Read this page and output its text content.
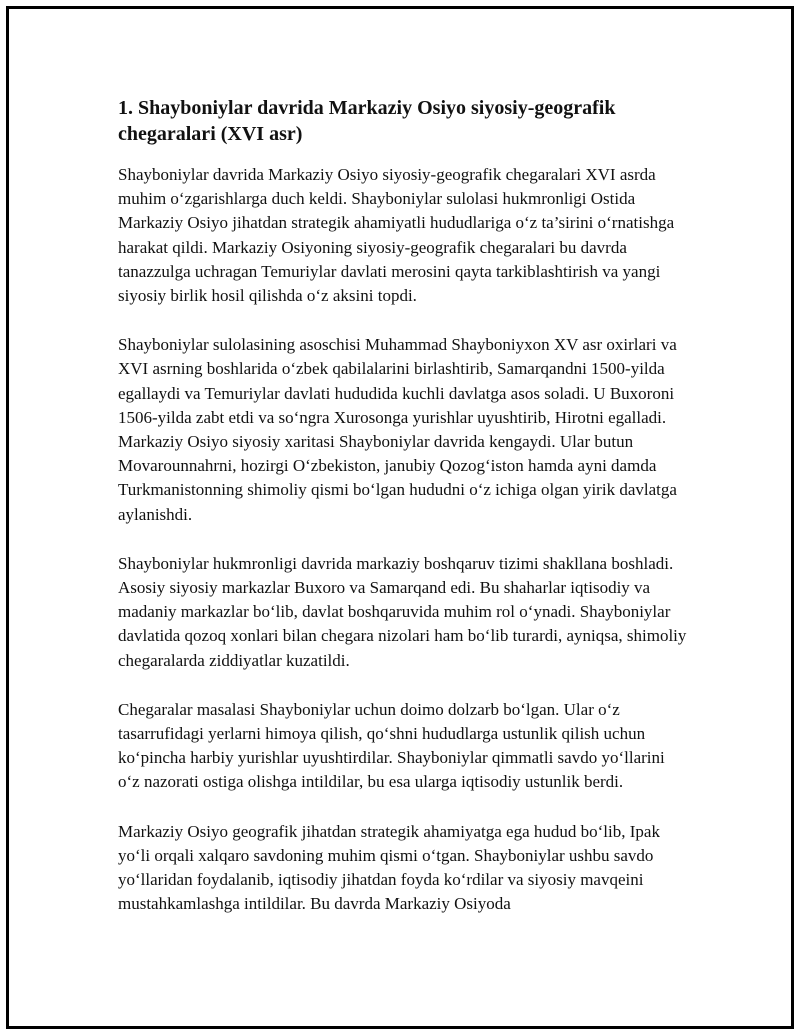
1. Shayboniylar davrida Markaziy Osiyo siyosiy-geografik chegaralari (XVI asr)

Shayboniylar davrida Markaziy Osiyo siyosiy-geografik chegaralari XVI asrda muhim o‘zgarishlarga duch keldi. Shayboniylar sulolasi hukmronligi Ostida Markaziy Osiyo jihatdan strategik ahamiyatli hududlariga o‘z ta’sirini o‘rnatishga harakat qildi. Markaziy Osiyoning siyosiy-geografik chegaralari bu davrda tanazzulga uchragan Temuriylar davlati merosini qayta tarkiblashtirish va yangi siyosiy birlik hosil qilishda o‘z aksini topdi.

Shayboniylar sulolasining asoschisi Muhammad Shayboniyxon XV asr oxirlari va XVI asrning boshlarida o‘zbek qabilalarini birlashtirib, Samarqandni 1500-yilda egallaydi va Temuriylar davlati hududida kuchli davlatga asos soladi. U Buxoroni 1506-yilda zabt etdi va so‘ngra Xurosonga yurishlar uyushtirib, Hirotni egalladi. Markaziy Osiyo siyosiy xaritasi Shayboniylar davrida kengaydi. Ular butun Movarounnahrni, hozirgi O‘zbekiston, janubiy Qozog‘iston hamda ayni damda Turkmanistonning shimoliy qismi bo‘lgan hududni o‘z ichiga olgan yirik davlatga aylanishdi.

Shayboniylar hukmronligi davrida markaziy boshqaruv tizimi shakllana boshladi. Asosiy siyosiy markazlar Buxoro va Samarqand edi. Bu shaharlar iqtisodiy va madaniy markazlar bo‘lib, davlat boshqaruvida muhim rol o‘ynadi. Shayboniylar davlatida qozoq xonlari bilan chegara nizolari ham bo‘lib turardi, ayniqsa, shimoliy chegaralarda ziddiyatlar kuzatildi.

Chegaralar masalasi Shayboniylar uchun doimo dolzarb bo‘lgan. Ular o‘z tasarrufidagi yerlarni himoya qilish, qo‘shni hududlarga ustunlik qilish uchun ko‘pincha harbiy yurishlar uyushtirdilar. Shayboniylar qimmatli savdo yo‘llarini o‘z nazorati ostiga olishga intildilar, bu esa ularga iqtisodiy ustunlik berdi.

Markaziy Osiyo geografik jihatdan strategik ahamiyatga ega hudud bo‘lib, Ipak yo‘li orqali xalqaro savdoning muhim qismi o‘tgan. Shayboniylar ushbu savdo yo‘llaridan foydalanib, iqtisodiy jihatdan foyda ko‘rdilar va siyosiy mavqeini mustahkamlashga intildilar. Bu davrda Markaziy Osiyoda
